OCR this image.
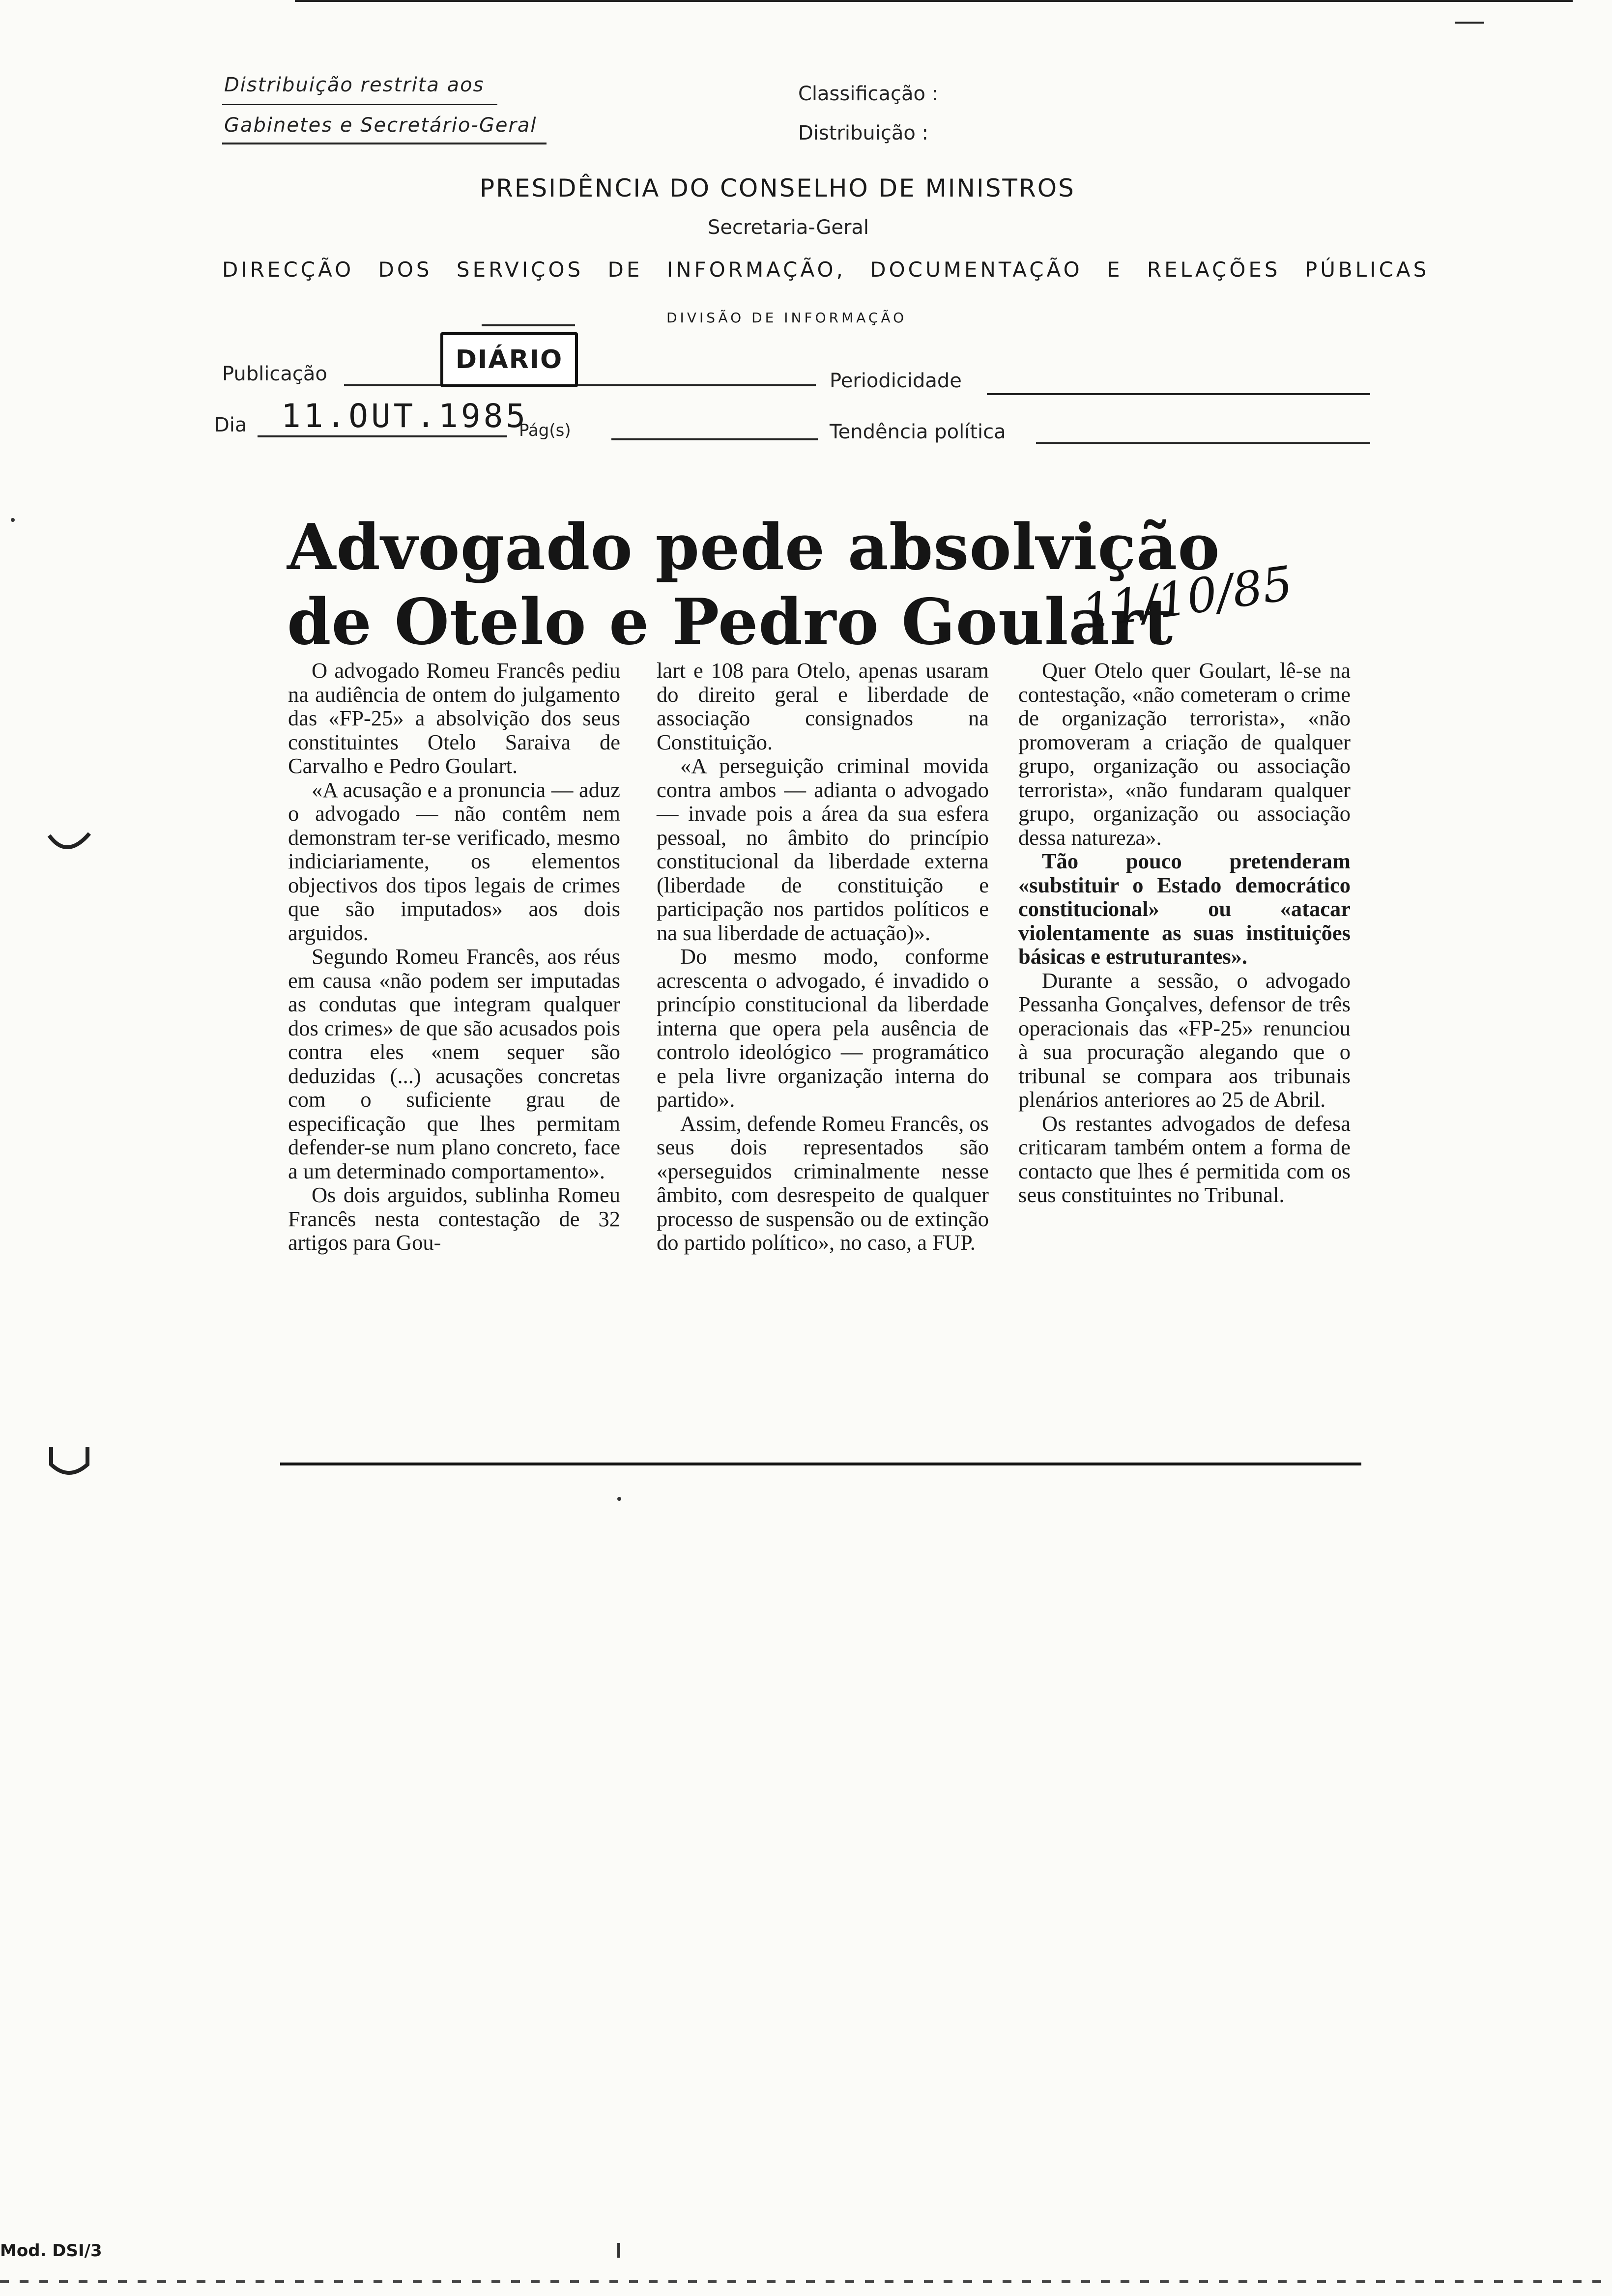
Distribuição restrita aos
Gabinetes e Secretário-Geral
Classificação :
Distribuição :
PRESIDÊNCIA DO CONSELHO DE MINISTROS
Secretaria-Geral
DIRECÇÃO DOS SERVIÇOS DE INFORMAÇÃO, DOCUMENTAÇÃO E RELAÇÕES PÚBLICAS
DIVISÃO DE INFORMAÇÃO
Publicação	DIÁRIO
Periodicidade
Dia 11.OUT.1985
Pág(s)	Tendência política
Advogado pede absolvição
de Otelo e Pedro Goulart
11/10/85

O advogado Romeu Francês pediu na audiência de ontem do julgamento das «FP-25» a absolvição dos seus constituintes Otelo Saraiva de Carvalho e Pedro Goulart.

«A acusação e a pronuncia — aduz o advogado — não contêm nem demonstram ter-se verificado, mesmo indiciariamente, os elementos objectivos dos tipos legais de crimes que são imputados» aos dois arguidos.

Segundo Romeu Francês, aos réus em causa «não podem ser imputadas as condutas que integram qualquer dos crimes» de que são acusados pois contra eles «nem sequer são deduzidas (...) acusações concretas com o suficiente grau de especificação que lhes permitam defender-se num plano concreto, face a um determinado comportamento».

Os dois arguidos, sublinha Romeu Francês nesta contestação de 32 artigos para Gou-

lart e 108 para Otelo, apenas usaram do direito geral e liberdade de associação consignados na Constituição.

«A perseguição criminal movida contra ambos — adianta o advogado — invade pois a área da sua esfera pessoal, no âmbito do princípio constitucional da liberdade externa (liberdade de constituição e participação nos partidos políticos e na sua liberdade de actuação)».

Do mesmo modo, conforme acrescenta o advogado, é invadido o princípio constitucional da liberdade interna que opera pela ausência de controlo ideológico — programático e pela livre organização interna do partido».

Assim, defende Romeu Francês, os seus dois representados são «perseguidos criminalmente nesse âmbito, com desrespeito de qualquer processo de suspensão ou de extinção do partido político», no caso, a FUP.

Quer Otelo quer Goulart, lê-se na contestação, «não cometeram o crime de organização terrorista», «não promoveram a criação de qualquer grupo, organização ou associação terrorista», «não fundaram qualquer grupo, organização ou associação dessa natureza».

Tão pouco pretenderam «substituir o Estado democrático constitucional» ou «atacar violentamente as suas instituições básicas e estruturantes».

Durante a sessão, o advogado Pessanha Gonçalves, defensor de três operacionais das «FP-25» renunciou à sua procuração alegando que o tribunal se compara aos tribunais plenários anteriores ao 25 de Abril.

Os restantes advogados de defesa criticaram também ontem a forma de contacto que lhes é permitida com os seus constituintes no Tribunal.

Mod. DSI/3
